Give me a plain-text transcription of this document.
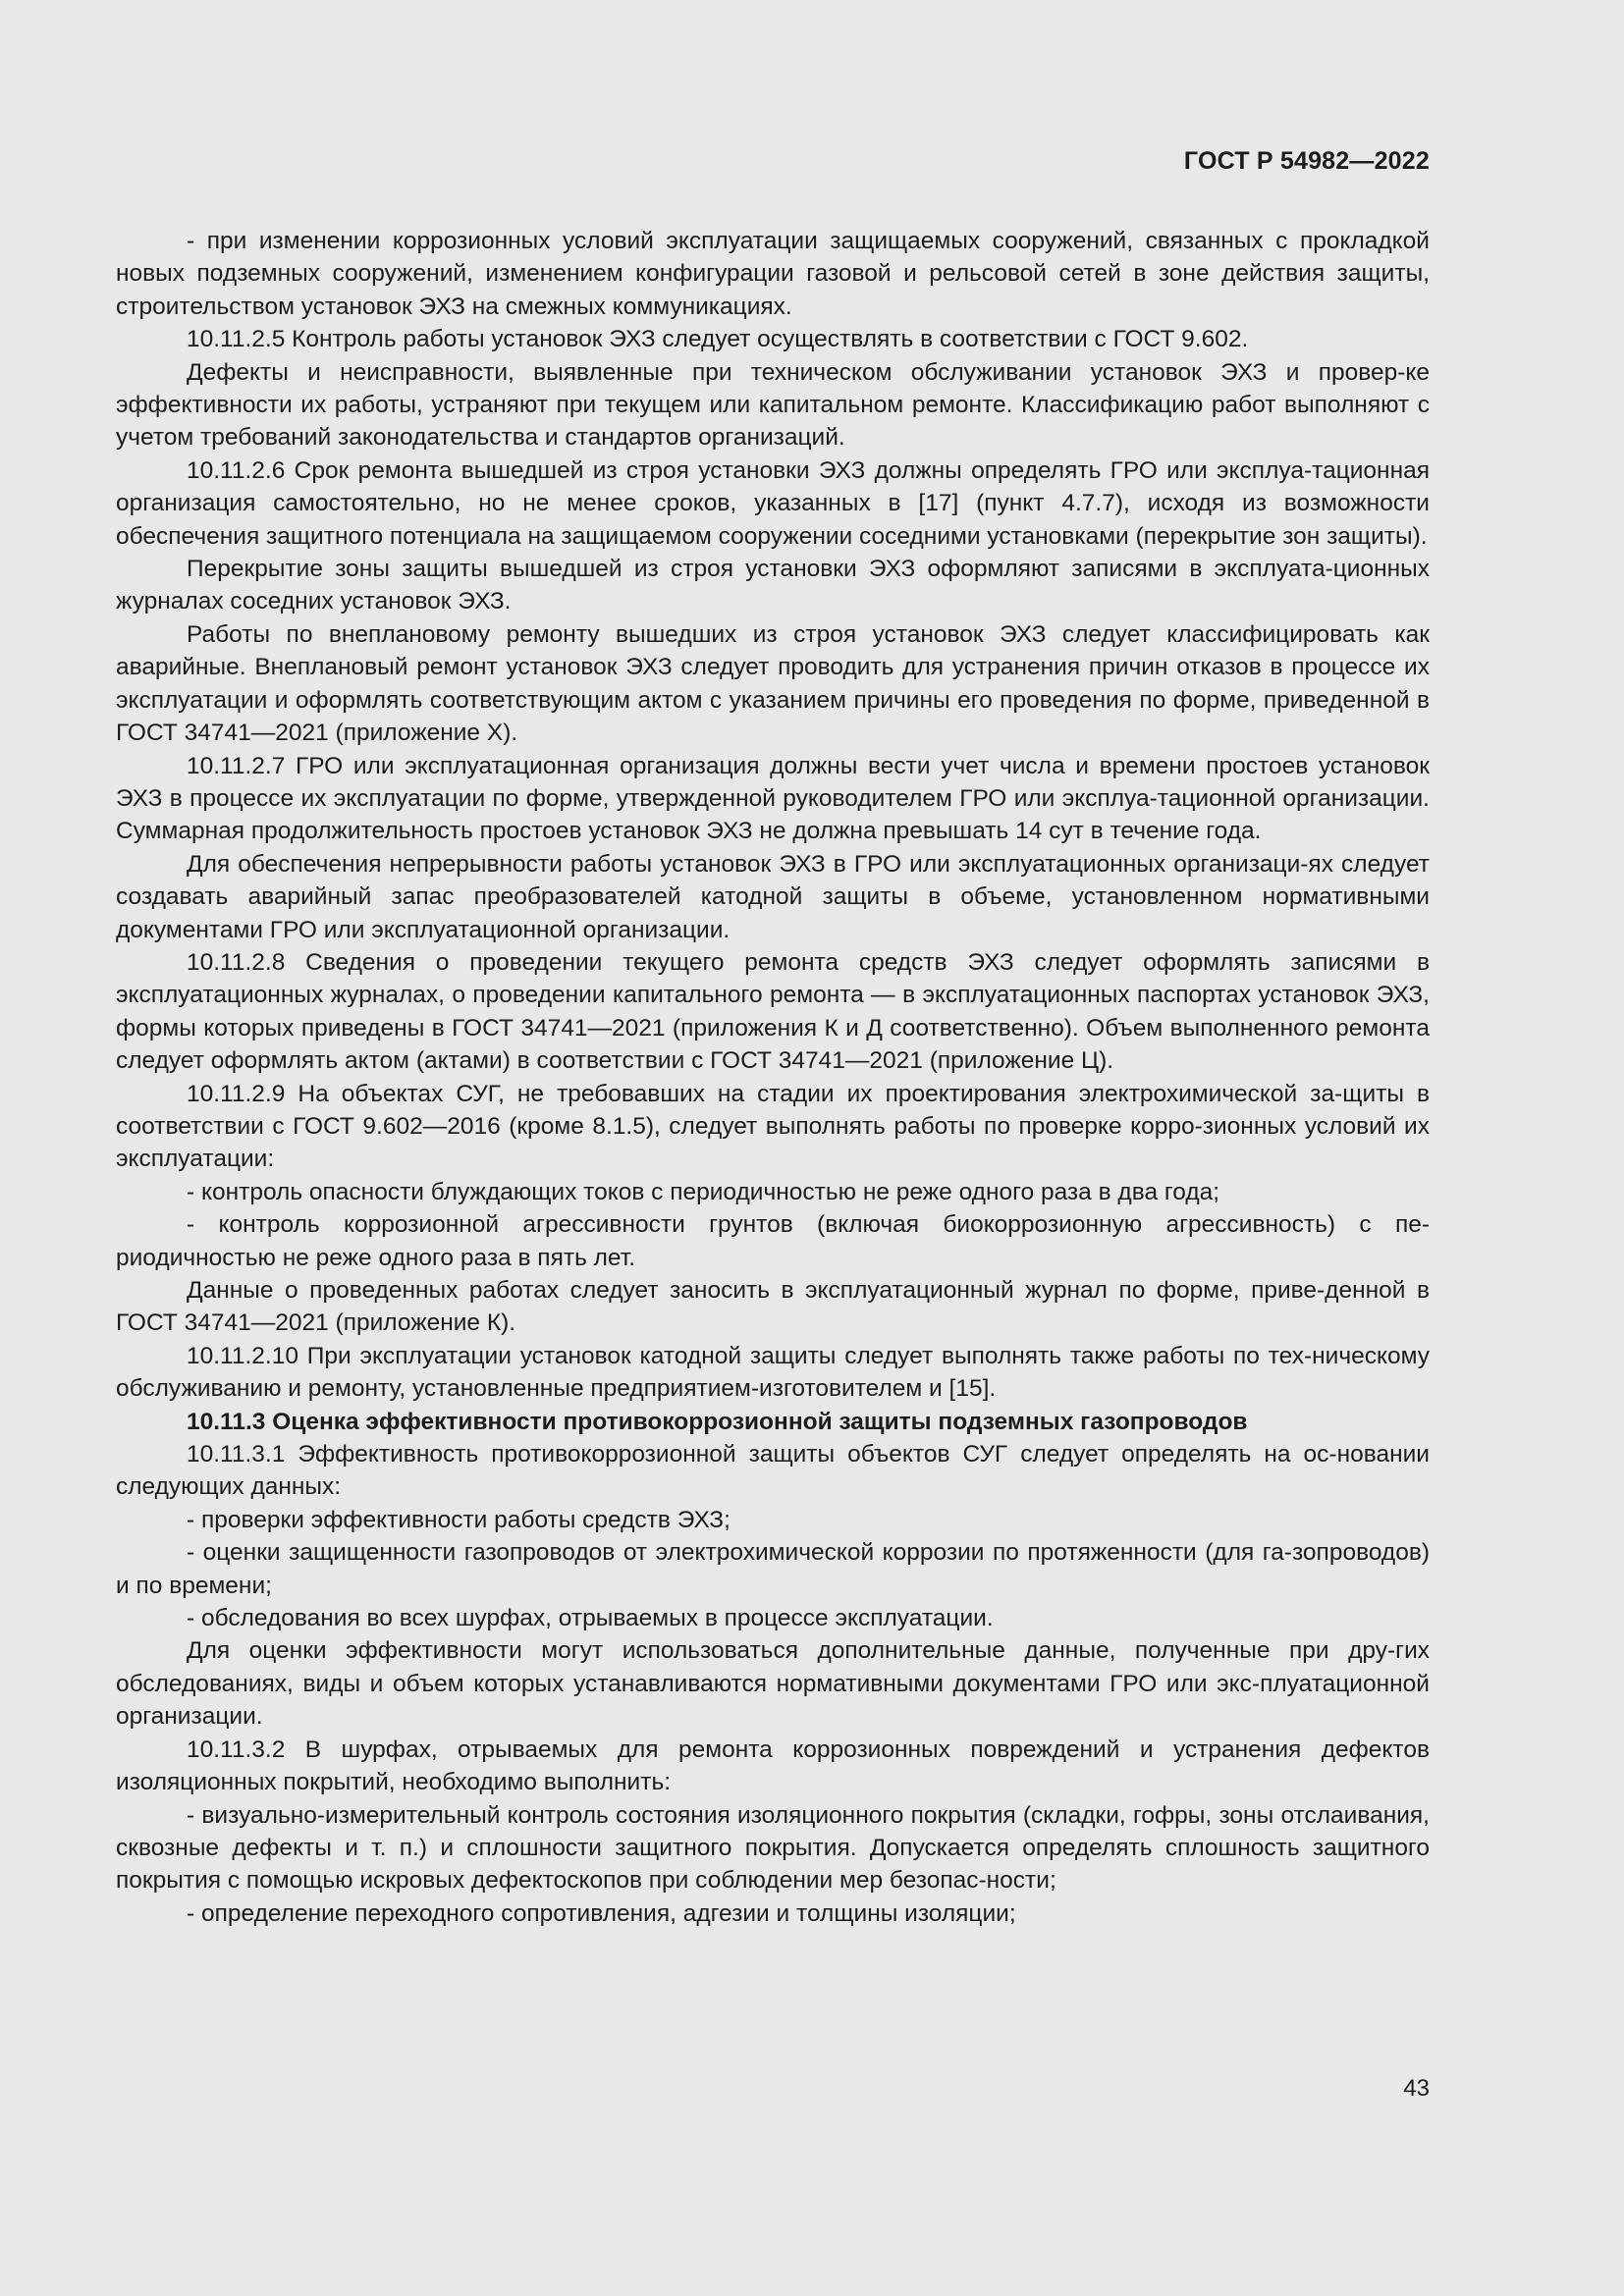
ГОСТ Р 54982—2022

- при изменении коррозионных условий эксплуатации защищаемых сооружений, связанных с прокладкой новых подземных сооружений, изменением конфигурации газовой и рельсовой сетей в зоне действия защиты, строительством установок ЭХЗ на смежных коммуникациях.

10.11.2.5 Контроль работы установок ЭХЗ следует осуществлять в соответствии с ГОСТ 9.602.

Дефекты и неисправности, выявленные при техническом обслуживании установок ЭХЗ и провер-ке эффективности их работы, устраняют при текущем или капитальном ремонте. Классификацию работ выполняют с учетом требований законодательства и стандартов организаций.

10.11.2.6 Срок ремонта вышедшей из строя установки ЭХЗ должны определять ГРО или эксплуа-тационная организация самостоятельно, но не менее сроков, указанных в [17] (пункт 4.7.7), исходя из возможности обеспечения защитного потенциала на защищаемом сооружении соседними установками (перекрытие зон защиты).

Перекрытие зоны защиты вышедшей из строя установки ЭХЗ оформляют записями в эксплуата-ционных журналах соседних установок ЭХЗ.

Работы по внеплановому ремонту вышедших из строя установок ЭХЗ следует классифицировать как аварийные. Внеплановый ремонт установок ЭХЗ следует проводить для устранения причин отказов в процессе их эксплуатации и оформлять соответствующим актом с указанием причины его проведения по форме, приведенной в ГОСТ 34741—2021 (приложение Х).

10.11.2.7 ГРО или эксплуатационная организация должны вести учет числа и времени простоев установок ЭХЗ в процессе их эксплуатации по форме, утвержденной руководителем ГРО или эксплуа-тационной организации. Суммарная продолжительность простоев установок ЭХЗ не должна превышать 14 сут в течение года.

Для обеспечения непрерывности работы установок ЭХЗ в ГРО или эксплуатационных организаци-ях следует создавать аварийный запас преобразователей катодной защиты в объеме, установленном нормативными документами ГРО или эксплуатационной организации.

10.11.2.8 Сведения о проведении текущего ремонта средств ЭХЗ следует оформлять записями в эксплуатационных журналах, о проведении капитального ремонта — в эксплуатационных паспортах установок ЭХЗ, формы которых приведены в ГОСТ 34741—2021 (приложения К и Д соответственно). Объем выполненного ремонта следует оформлять актом (актами) в соответствии с ГОСТ 34741—2021 (приложение Ц).

10.11.2.9 На объектах СУГ, не требовавших на стадии их проектирования электрохимической за-щиты в соответствии с ГОСТ 9.602—2016 (кроме 8.1.5), следует выполнять работы по проверке корро-зионных условий их эксплуатации:

- контроль опасности блуждающих токов с периодичностью не реже одного раза в два года;

- контроль коррозионной агрессивности грунтов (включая биокоррозионную агрессивность) с пе-риодичностью не реже одного раза в пять лет.

Данные о проведенных работах следует заносить в эксплуатационный журнал по форме, приве-денной в ГОСТ 34741—2021 (приложение К).

10.11.2.10 При эксплуатации установок катодной защиты следует выполнять также работы по тех-ническому обслуживанию и ремонту, установленные предприятием-изготовителем и [15].

10.11.3 Оценка эффективности противокоррозионной защиты подземных газопроводов

10.11.3.1 Эффективность противокоррозионной защиты объектов СУГ следует определять на ос-новании следующих данных:

- проверки эффективности работы средств ЭХЗ;

- оценки защищенности газопроводов от электрохимической коррозии по протяженности (для га-зопроводов) и по времени;

- обследования во всех шурфах, отрываемых в процессе эксплуатации.

Для оценки эффективности могут использоваться дополнительные данные, полученные при дру-гих обследованиях, виды и объем которых устанавливаются нормативными документами ГРО или экс-плуатационной организации.

10.11.3.2 В шурфах, отрываемых для ремонта коррозионных повреждений и устранения дефектов изоляционных покрытий, необходимо выполнить:

- визуально-измерительный контроль состояния изоляционного покрытия (складки, гофры, зоны отслаивания, сквозные дефекты и т. п.) и сплошности защитного покрытия. Допускается определять сплошность защитного покрытия с помощью искровых дефектоскопов при соблюдении мер безопас-ности;

- определение переходного сопротивления, адгезии и толщины изоляции;

43
